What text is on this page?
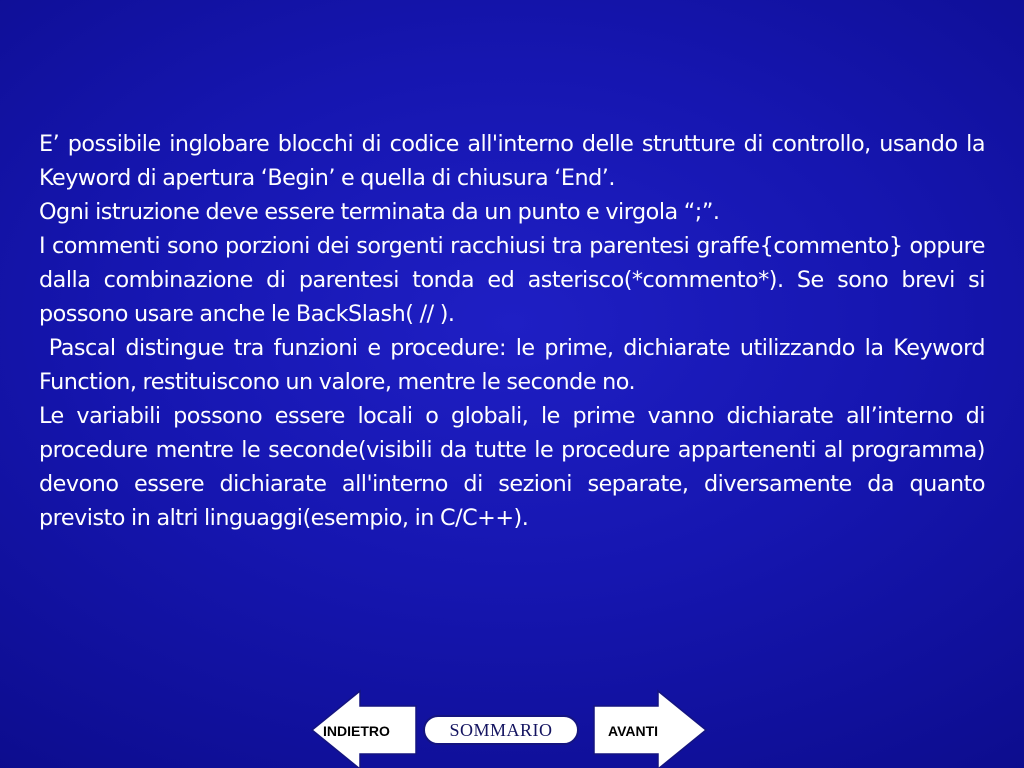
E’ possibile inglobare blocchi di codice all'interno delle strutture di controllo, usando la Keyword di apertura ‘Begin’ e quella di chiusura ‘End’.

Ogni istruzione deve essere terminata da un punto e virgola “;”.

I commenti sono porzioni dei sorgenti racchiusi tra parentesi graffe{commento} oppure dalla combinazione di parentesi tonda ed asterisco(*commento*). Se sono brevi si possono usare anche le BackSlash( // ).

Pascal distingue tra funzioni e procedure: le prime, dichiarate utilizzando la Keyword Function, restituiscono un valore, mentre le seconde no.

Le variabili possono essere locali o globali, le prime vanno dichiarate all’interno di procedure mentre le seconde(visibili da tutte le procedure appartenenti al programma) devono essere dichiarate all'interno di sezioni separate, diversamente da quanto previsto in altri linguaggi(esempio, in C/C++).

INDIETRO	AVANTI
SOMMARIO
